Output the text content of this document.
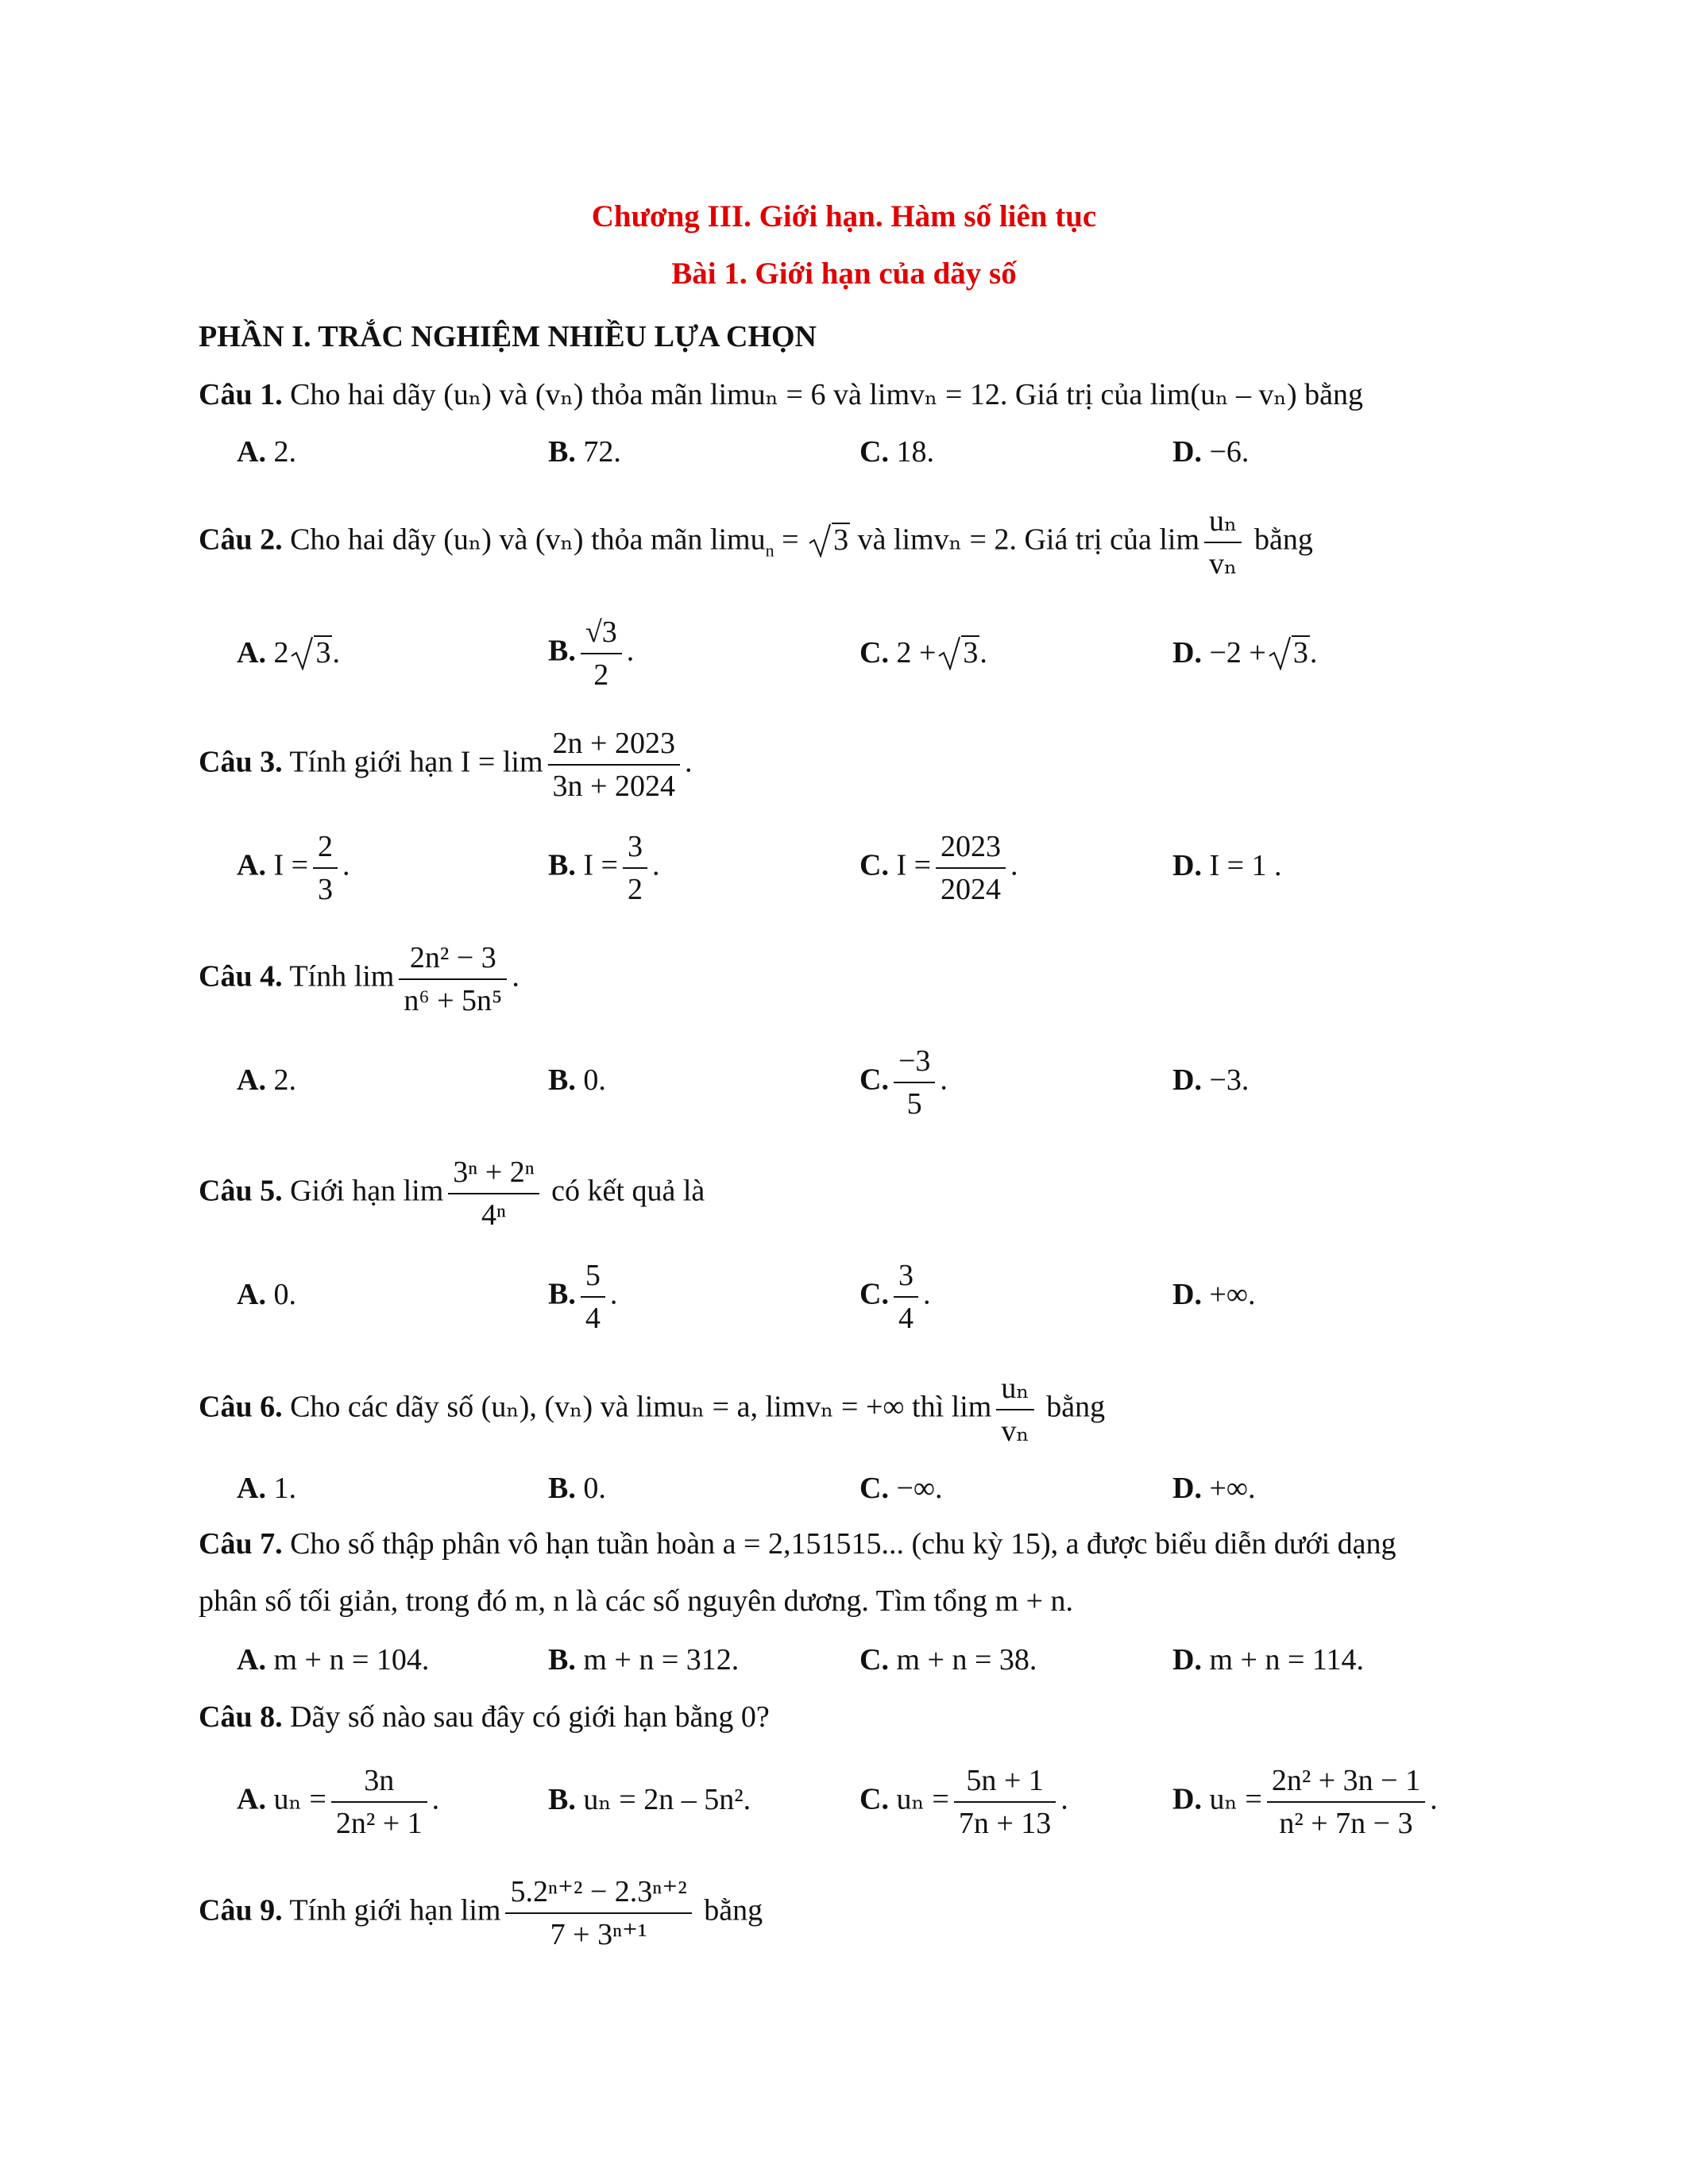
Chương III. Giới hạn. Hàm số liên tục
Bài 1. Giới hạn của dãy số
PHẦN I. TRẮC NGHIỆM NHIỀU LỰA CHỌN
Câu 1. Cho hai dãy (uₙ) và (vₙ) thỏa mãn limuₙ = 6 và limvₙ = 12. Giá trị của lim(uₙ – vₙ) bằng
A. 2.	B. 72.	C. 18.	D. −6.
Câu 2. Cho hai dãy (uₙ) và (vₙ) thỏa mãn limu$_n$ = 3 và limvₙ = 2. Giá trị của $\lim \frac{\text{uₙ}}{\text{vₙ}}$ bằng
A. 2 3.	B. $\frac{√3}{2}$ .	C. 2 + 3.	D. −2 + 3.
Câu 3. Tính giới hạn $I = \lim \frac{2n + 2023}{3n + 2024}$ .
A. $I = \frac{2}{3}$ .	B. $I = \frac{3}{2}$ .	C. $I = \frac{2023}{2024}$ .	D. I = 1 .
Câu 4. Tính $\lim \frac{\text{2n² − 3}}{\text{n⁶ + 5n⁵}}$ .
A. 2.	B. 0.	C. $\frac{-3}{5}$ .	D. −3.
Câu 5. Giới hạn $\lim \frac{\text{3ⁿ + 2ⁿ}}{\text{4ⁿ}}$ có kết quả là
A. 0.	B. $\frac{5}{4}$ .	C. $\frac{3}{4}$ .	D. +∞.
Câu 6. Cho các dãy số (uₙ), (vₙ) và limuₙ = a, limvₙ = +∞ thì $\lim \frac{\text{uₙ}}{\text{vₙ}}$ bằng
A. 1.	B. 0.	C. −∞.	D. +∞.
Câu 7. Cho số thập phân vô hạn tuần hoàn a = 2,151515... (chu kỳ 15), a được biểu diễn dưới dạng
phân số tối giản, trong đó m, n là các số nguyên dương. Tìm tổng m + n.
A. m + n = 104.	B. m + n = 312.	C. m + n = 38.	D. m + n = 114.
Câu 8. Dãy số nào sau đây có giới hạn bằng 0?
A. $u_n = \frac{3n}{\text{2n² + 1}}$ .	B. uₙ = 2n – 5n².	C. $u_n = \frac{5n + 1}{7n + 13}$ .	D. $u_n = \frac{\text{2n² + 3n − 1}}{\text{n² + 7n − 3}}$ .
Câu 9. Tính giới hạn $\lim \frac{\text{5.2ⁿ⁺² − 2.3ⁿ⁺²}}{\text{7 + 3ⁿ⁺¹}}$ bằng
